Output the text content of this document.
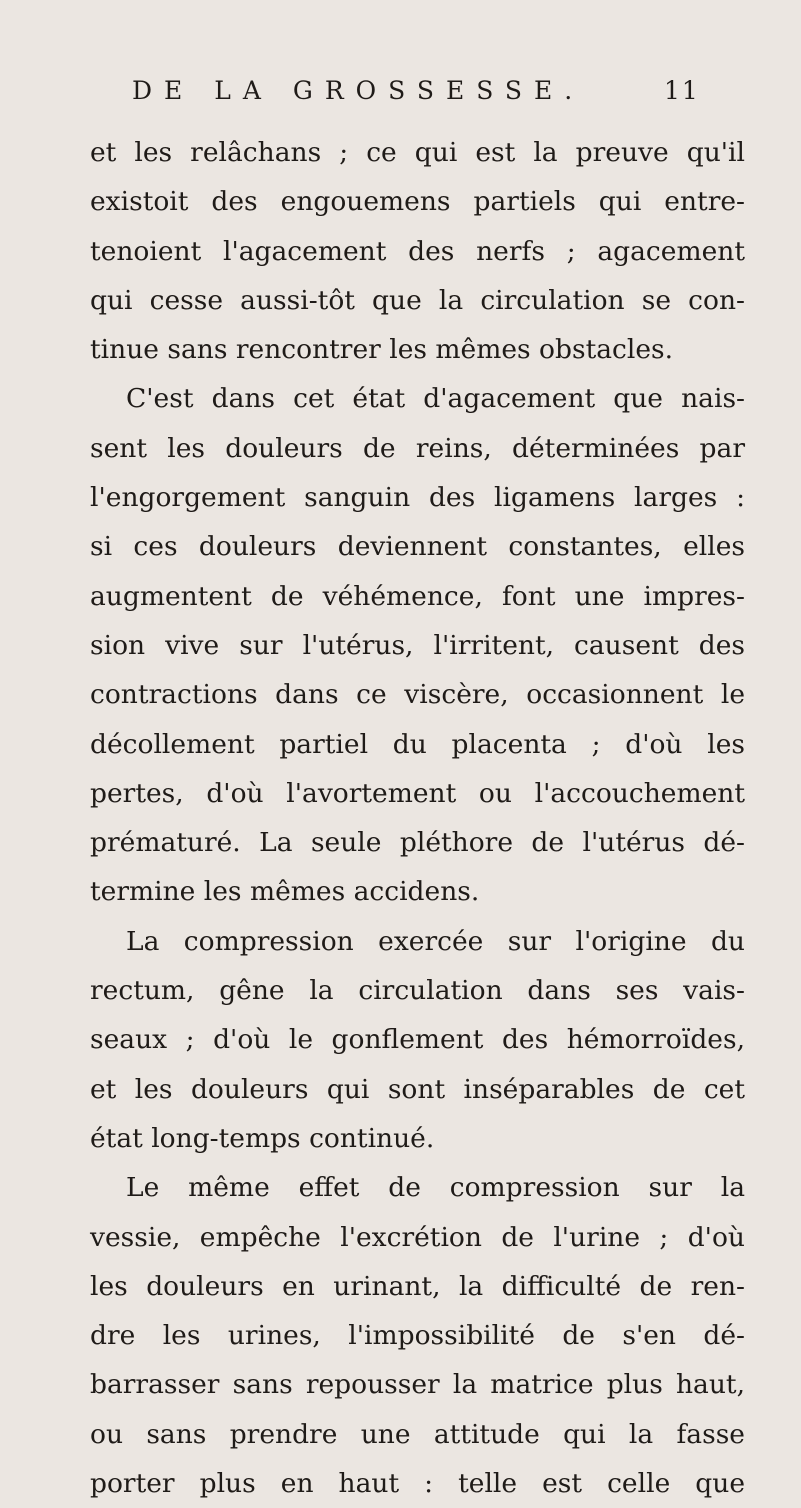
DE LA GROSSESSE.	11
et les relâchans ; ce qui est la preuve qu'il
existoit des engouemens partiels qui entre-
tenoient l'agacement des nerfs ; agacement
qui cesse aussi-tôt que la circulation se con-
tinue sans rencontrer les mêmes obstacles.
C'est dans cet état d'agacement que nais-
sent les douleurs de reins, déterminées par
l'engorgement sanguin des ligamens larges :
si ces douleurs deviennent constantes, elles
augmentent de véhémence, font une impres-
sion vive sur l'utérus, l'irritent, causent des
contractions dans ce viscère, occasionnent le
décollement partiel du placenta ; d'où les
pertes, d'où l'avortement ou l'accouchement
prématuré. La seule pléthore de l'utérus dé-
termine les mêmes accidens.
La compression exercée sur l'origine du
rectum, gêne la circulation dans ses vais-
seaux ; d'où le gonflement des hémorroïdes,
et les douleurs qui sont inséparables de cet
état long-temps continué.
Le même effet de compression sur la
vessie, empêche l'excrétion de l'urine ; d'où
les douleurs en urinant, la difficulté de ren-
dre les urines, l'impossibilité de s'en dé-
barrasser sans repousser la matrice plus haut,
ou sans prendre une attitude qui la fasse
porter plus en haut : telle est celle que
